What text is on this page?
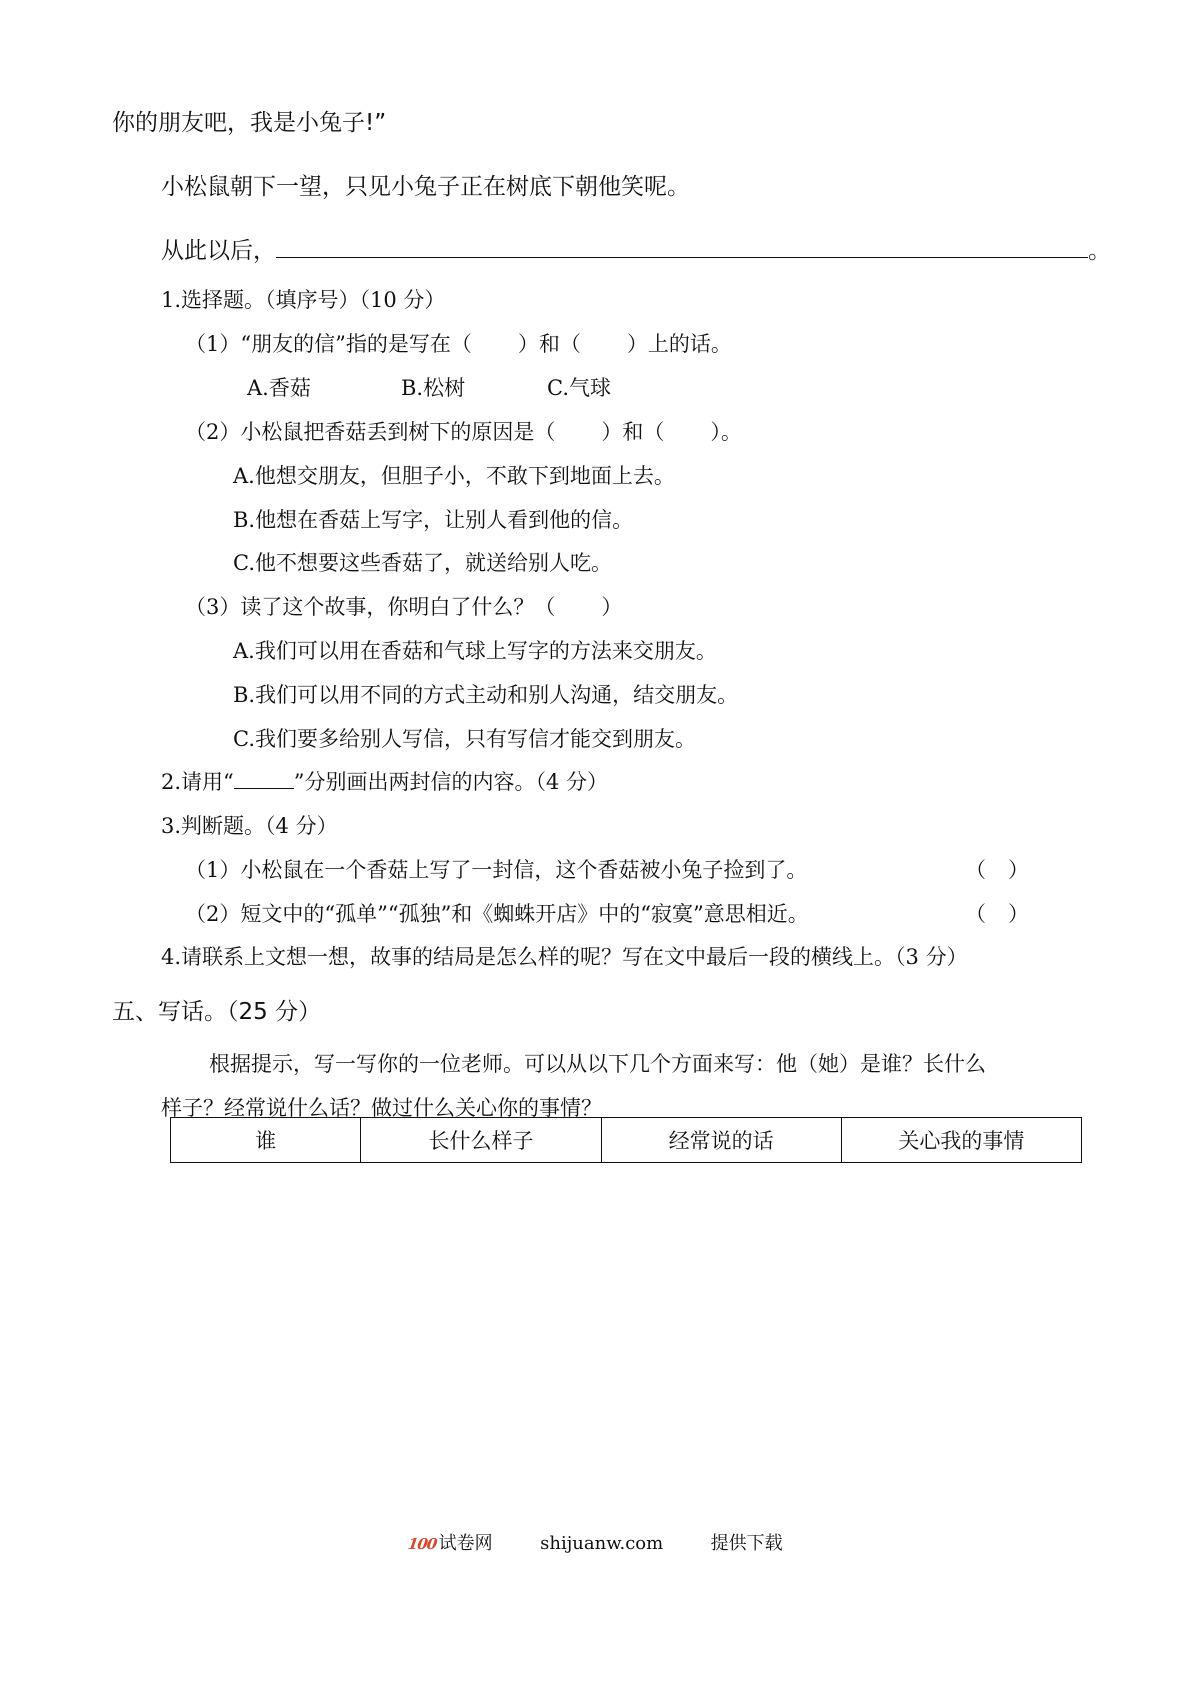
你的朋友吧，我是小兔子!”
小松鼠朝下一望，只见小兔子正在树底下朝他笑呢。
从此以后，	。
1.选择题。（填序号）（10 分）
（1）“朋友的信”指的是写在（ ）和（ ）上的话。
A.香菇	B.松树	C.气球
（2）小松鼠把香菇丢到树下的原因是（ ）和（ ）。
A.他想交朋友，但胆子小，不敢下到地面上去。
B.他想在香菇上写字，让别人看到他的信。
C.他不想要这些香菇了，就送给别人吃。
（3）读了这个故事，你明白了什么？（ ）
A.我们可以用在香菇和气球上写字的方法来交朋友。
B.我们可以用不同的方式主动和别人沟通，结交朋友。
C.我们要多给别人写信，只有写信才能交到朋友。
2.请用“	”分别画出两封信的内容。（4 分）
3.判断题。（4 分）
（1）小松鼠在一个香菇上写了一封信，这个香菇被小兔子捡到了。	（ ）
（2）短文中的“孤单”“孤独”和《蜘蛛开店》中的“寂寞”意思相近。	（ ）
4.请联系上文想一想，故事的结局是怎么样的呢？写在文中最后一段的横线上。（3 分）
五、写话。（25 分）
根据提示，写一写你的一位老师。可以从以下几个方面来写：他（她）是谁？长什么
样子？经常说什么话？做过什么关心你的事情？
谁	长什么样子	经常说的话	关心我的事情
100试卷网	shijuanw.com	提供下载
